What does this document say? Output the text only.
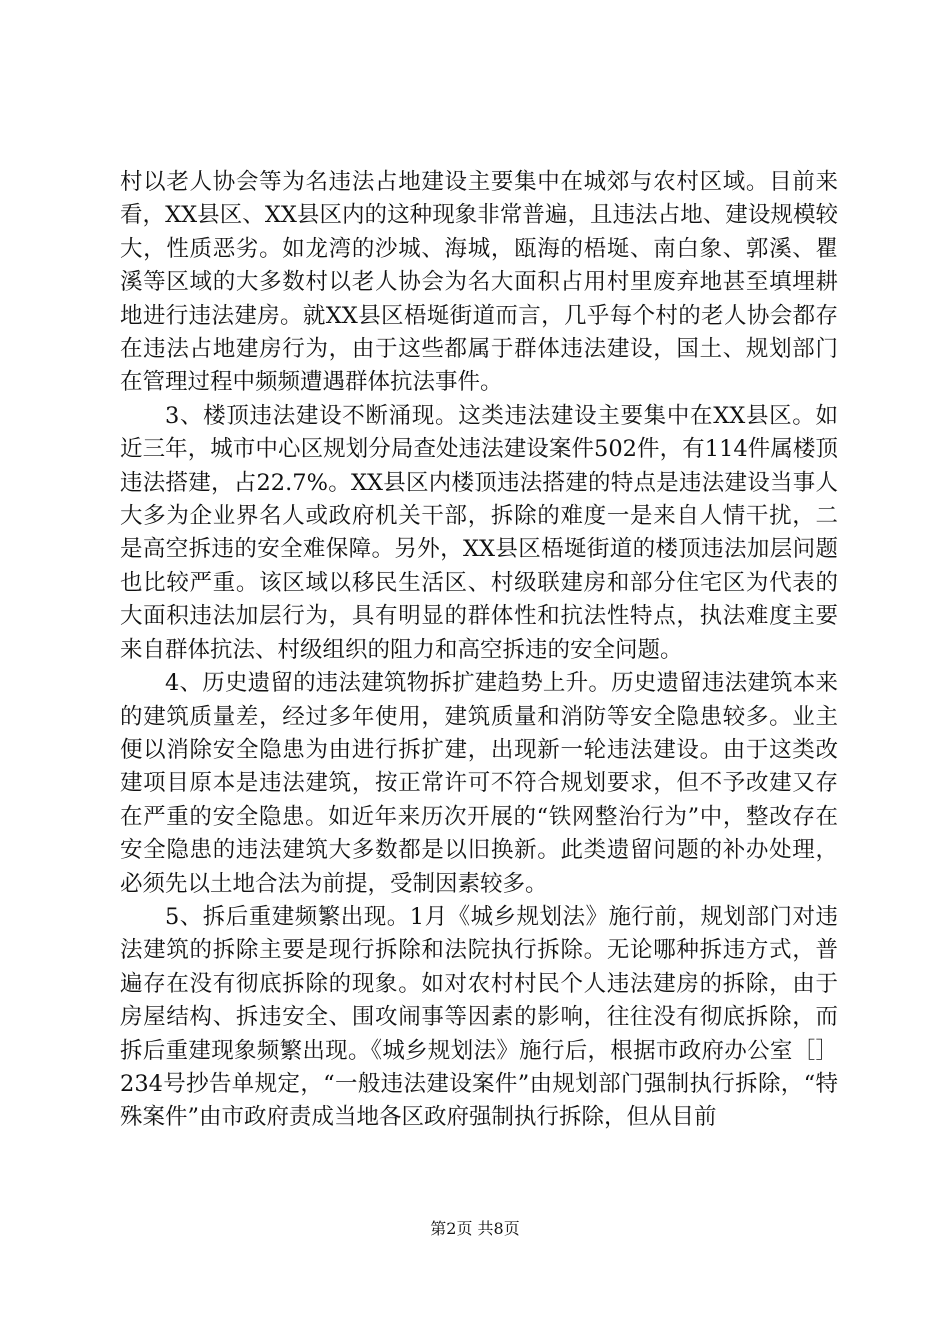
村以老人协会等为名违法占地建设主要集中在城郊与农村区域。目前来看，XX县区、XX县区内的这种现象非常普遍，且违法占地、建设规模较大，性质恶劣。如龙湾的沙城、海城，瓯海的梧埏、南白象、郭溪、瞿溪等区域的大多数村以老人协会为名大面积占用村里废弃地甚至填埋耕地进行违法建房。就XX县区梧埏街道而言，几乎每个村的老人协会都存在违法占地建房行为，由于这些都属于群体违法建设，国土、规划部门在管理过程中频频遭遇群体抗法事件。

3、楼顶违法建设不断涌现。这类违法建设主要集中在XX县区。如近三年，城市中心区规划分局查处违法建设案件502件，有114件属楼顶违法搭建，占22.7%。XX县区内楼顶违法搭建的特点是违法建设当事人大多为企业界名人或政府机关干部，拆除的难度一是来自人情干扰，二是高空拆违的安全难保障。另外，XX县区梧埏街道的楼顶违法加层问题也比较严重。该区域以移民生活区、村级联建房和部分住宅区为代表的大面积违法加层行为，具有明显的群体性和抗法性特点，执法难度主要来自群体抗法、村级组织的阻力和高空拆违的安全问题。

4、历史遗留的违法建筑物拆扩建趋势上升。历史遗留违法建筑本来的建筑质量差，经过多年使用，建筑质量和消防等安全隐患较多。业主便以消除安全隐患为由进行拆扩建，出现新一轮违法建设。由于这类改建项目原本是违法建筑，按正常许可不符合规划要求，但不予改建又存在严重的安全隐患。如近年来历次开展的“铁网整治行为”中，整改存在安全隐患的违法建筑大多数都是以旧换新。此类遗留问题的补办处理，必须先以土地合法为前提，受制因素较多。

5、拆后重建频繁出现。1月《城乡规划法》施行前，规划部门对违法建筑的拆除主要是现行拆除和法院执行拆除。无论哪种拆违方式，普遍存在没有彻底拆除的现象。如对农村村民个人违法建房的拆除，由于房屋结构、拆违安全、围攻闹事等因素的影响，往往没有彻底拆除，而拆后重建现象频繁出现。《城乡规划法》施行后，根据市政府办公室［］234号抄告单规定，“一般违法建设案件”由规划部门强制执行拆除，“特殊案件”由市政府责成当地各区政府强制执行拆除，但从目前

第2页 共8页
